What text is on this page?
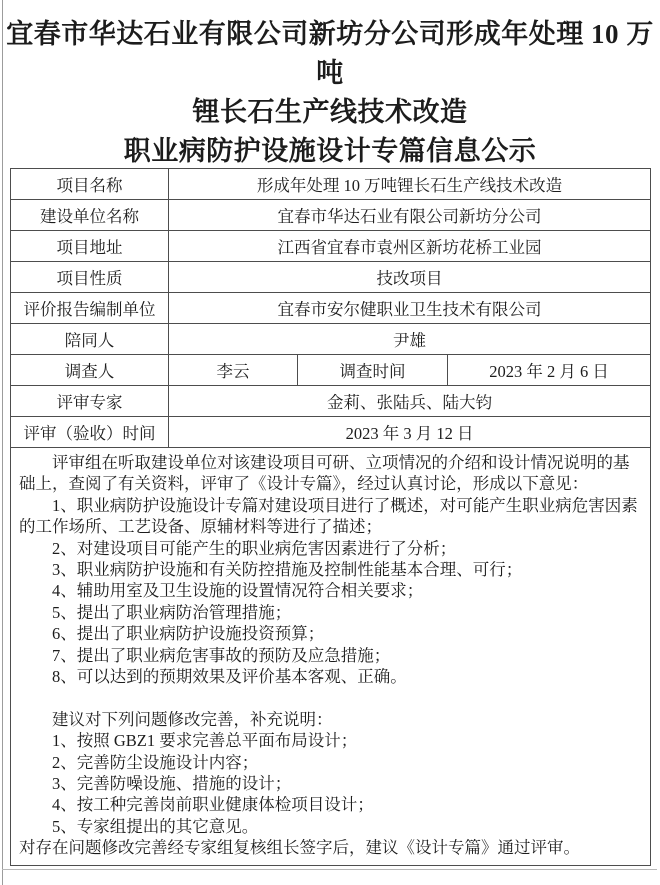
宜春市华达石业有限公司新坊分公司形成年处理 10 万吨
锂长石生产线技术改造
职业病防护设施设计专篇信息公示
项目名称	形成年处理 10 万吨锂长石生产线技术改造		
建设单位名称	宜春市华达石业有限公司新坊分公司		
项目地址	江西省宜春市袁州区新坊花桥工业园		
项目性质	技改项目		
评价报告编制单位	宜春市安尔健职业卫生技术有限公司		
陪同人	尹雄		
调查人	李云	调查时间	2023 年 2 月 6 日
评审专家	金莉、张陆兵、陆大钧		
评审（验收）时间	2023 年 3 月 12 日		

评审组在听取建设单位对该建设项目可研、立项情况的介绍和设计情况说明的基础上，查阅了有关资料，评审了《设计专篇》，经过认真讨论，形成以下意见：

1、职业病防护设施设计专篇对建设项目进行了概述，对可能产生职业病危害因素的工作场所、工艺设备、原辅材料等进行了描述；

2、对建设项目可能产生的职业病危害因素进行了分析；

3、职业病防护设施和有关防控措施及控制性能基本合理、可行；

4、辅助用室及卫生设施的设置情况符合相关要求；

5、提出了职业病防治管理措施；

6、提出了职业病防护设施投资预算；

7、提出了职业病危害事故的预防及应急措施；

8、可以达到的预期效果及评价基本客观、正确。

建议对下列问题修改完善，补充说明：

1、按照 GBZ1 要求完善总平面布局设计；

2、完善防尘设施设计内容；

3、完善防噪设施、措施的设计；

4、按工种完善岗前职业健康体检项目设计；

5、专家组提出的其它意见。

对存在问题修改完善经专家组复核组长签字后，建议《设计专篇》通过评审。
